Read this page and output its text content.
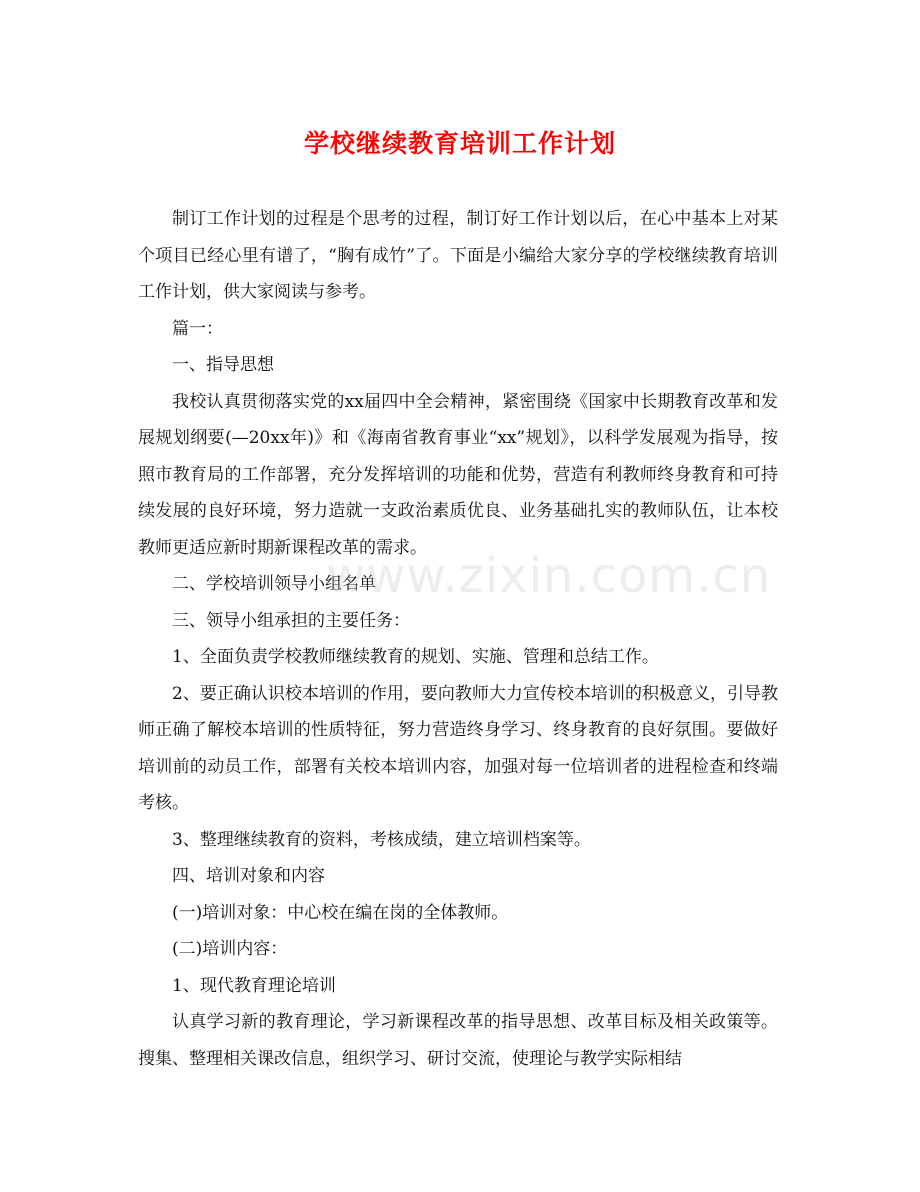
学校继续教育培训工作计划

制订工作计划的过程是个思考的过程，制订好工作计划以后，在心中基本上对某个项目已经心里有谱了，“胸有成竹”了。下面是小编给大家分享的学校继续教育培训工作计划，供大家阅读与参考。

篇一：

一、指导思想

我校认真贯彻落实党的xx届四中全会精神，紧密围绕《国家中长期教育改革和发展规划纲要(—20xx年)》和《海南省教育事业“xx”规划》，以科学发展观为指导，按照市教育局的工作部署，充分发挥培训的功能和优势，营造有利教师终身教育和可持续发展的良好环境，努力造就一支政治素质优良、业务基础扎实的教师队伍，让本校教师更适应新时期新课程改革的需求。

二、学校培训领导小组名单

三、领导小组承担的主要任务：

1、全面负责学校教师继续教育的规划、实施、管理和总结工作。

2、要正确认识校本培训的作用，要向教师大力宣传校本培训的积极意义，引导教师正确了解校本培训的性质特征，努力营造终身学习、终身教育的良好氛围。要做好培训前的动员工作，部署有关校本培训内容，加强对每一位培训者的进程检查和终端考核。

3、整理继续教育的资料，考核成绩，建立培训档案等。

四、培训对象和内容

(一)培训对象：中心校在编在岗的全体教师。

(二)培训内容：

1、现代教育理论培训

认真学习新的教育理论，学习新课程改革的指导思想、改革目标及相关政策等。搜集、整理相关课改信息，组织学习、研讨交流，使理论与教学实际相结

www.zixin.com.cn
